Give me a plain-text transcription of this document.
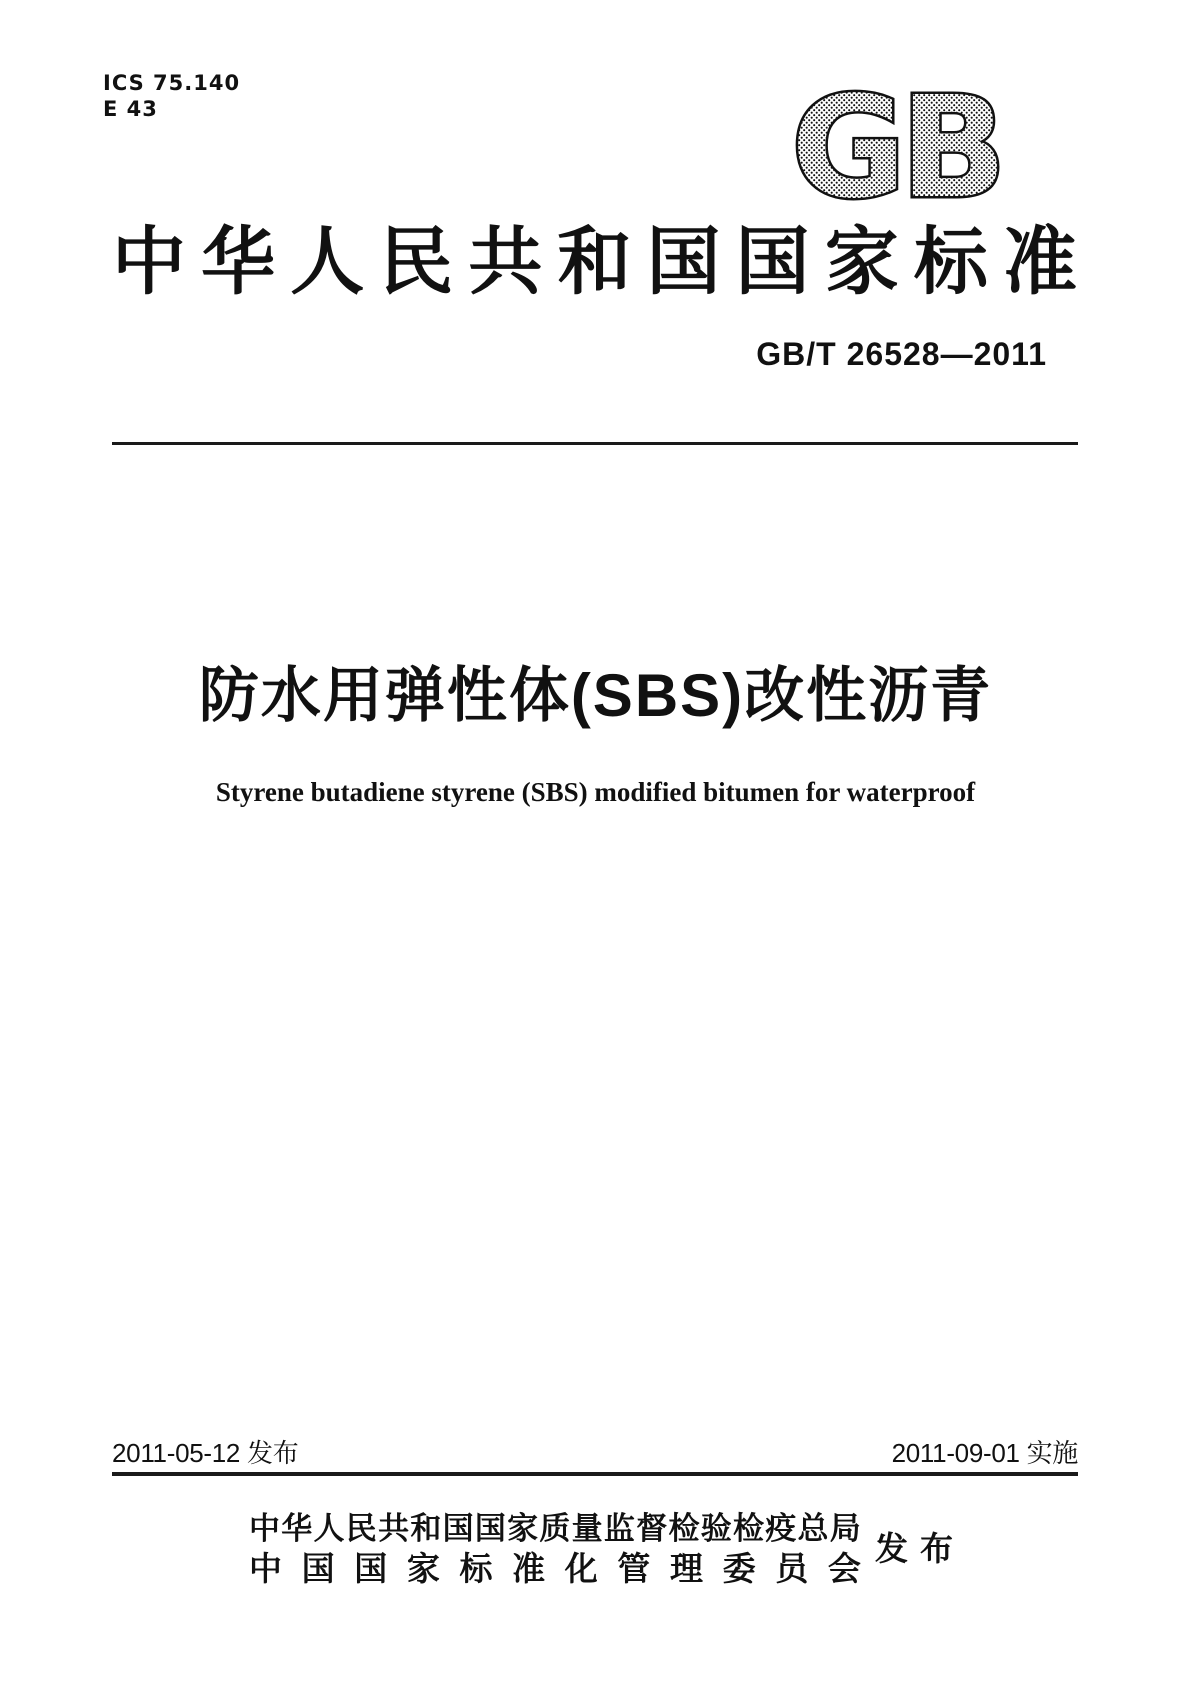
ICS 75.140
E 43	GB
中 华 人 民 共 和 国 国 家 标 准
GB/T 26528—2011
防水用弹性体(SBS)改性沥青
Styrene butadiene styrene (SBS) modified bitumen for waterproof
2011-05-12 发布	2011-09-01 实施
中 华 人 民 共 和 国 国 家 质 量 监 督 检 验 检 疫 总 局
中 国 国 家 标 准 化 管 理 委 员 会
发 布
